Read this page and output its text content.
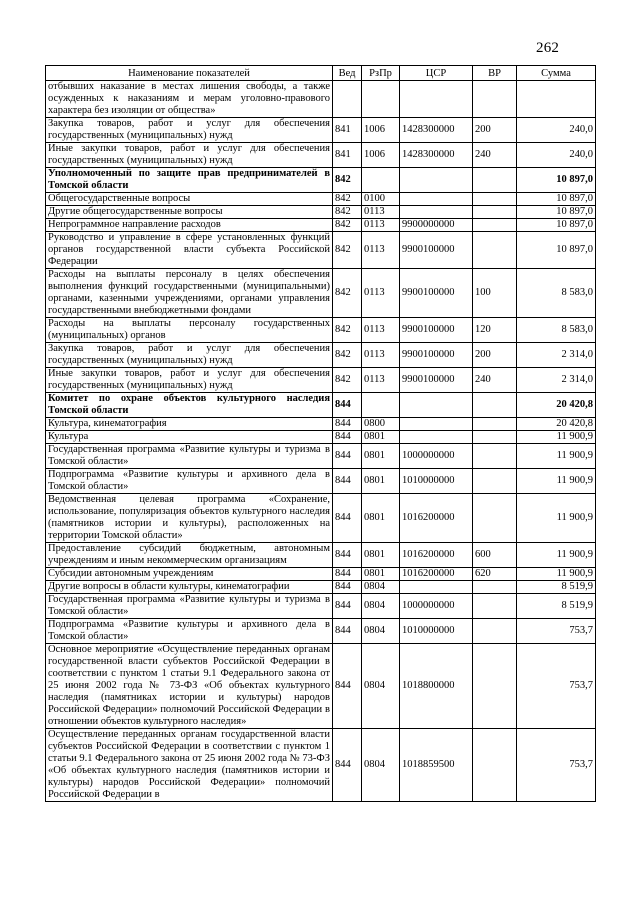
262
Наименование показателей	Вед	РзПр	ЦСР	ВР	Сумма
отбывших наказание в местах лишения свободы, а также осужденных к наказаниям и мерам уголовно-правового характера без изоляции от общества»					
Закупка товаров, работ и услуг для обеспечения государственных (муниципальных) нужд	841	1006	1428300000	200	240,0
Иные закупки товаров, работ и услуг для обеспечения государственных (муниципальных) нужд	841	1006	1428300000	240	240,0
Уполномоченный по защите прав предпринимателей в Томской области	842				10 897,0
Общегосударственные вопросы	842	0100			10 897,0
Другие общегосударственные вопросы	842	0113			10 897,0
Непрограммное направление расходов	842	0113	9900000000		10 897,0
Руководство и управление в сфере установленных функций органов государственной власти субъекта Российской Федерации	842	0113	9900100000		10 897,0
Расходы на выплаты персоналу в целях обеспечения выполнения функций государственными (муниципальными) органами, казенными учреждениями, органами управления государственными внебюджетными фондами	842	0113	9900100000	100	8 583,0
Расходы на выплаты персоналу государственных (муниципальных) органов	842	0113	9900100000	120	8 583,0
Закупка товаров, работ и услуг для обеспечения государственных (муниципальных) нужд	842	0113	9900100000	200	2 314,0
Иные закупки товаров, работ и услуг для обеспечения государственных (муниципальных) нужд	842	0113	9900100000	240	2 314,0
Комитет по охране объектов культурного наследия Томской области	844				20 420,8
Культура, кинематография	844	0800			20 420,8
Культура	844	0801			11 900,9
Государственная программа «Развитие культуры и туризма в Томской области»	844	0801	1000000000		11 900,9
Подпрограмма «Развитие культуры и архивного дела в Томской области»	844	0801	1010000000		11 900,9
Ведомственная целевая программа «Сохранение, использование, популяризация объектов культурного наследия (памятников истории и культуры), расположенных на территории Томской области»	844	0801	1016200000		11 900,9
Предоставление субсидий бюджетным, автономным учреждениям и иным некоммерческим организациям	844	0801	1016200000	600	11 900,9
Субсидии автономным учреждениям	844	0801	1016200000	620	11 900,9
Другие вопросы в области культуры, кинематографии	844	0804			8 519,9
Государственная программа «Развитие культуры и туризма в Томской области»	844	0804	1000000000		8 519,9
Подпрограмма «Развитие культуры и архивного дела в Томской области»	844	0804	1010000000		753,7
Основное мероприятие «Осуществление переданных органам государственной власти субъектов Российской Федерации в соответствии с пунктом 1 статьи 9.1 Федерального закона от 25 июня 2002 года № 73-ФЗ «Об объектах культурного наследия (памятниках истории и культуры) народов Российской Федерации» полномочий Российской Федерации в отношении объектов культурного наследия»	844	0804	1018800000		753,7
Осуществление переданных органам государственной власти субъектов Российской Федерации в соответствии с пунктом 1 статьи 9.1 Федерального закона от 25 июня 2002 года № 73-ФЗ «Об объектах культурного наследия (памятников истории и культуры) народов Российской Федерации» полномочий Российской Федерации в	844	0804	1018859500		753,7
